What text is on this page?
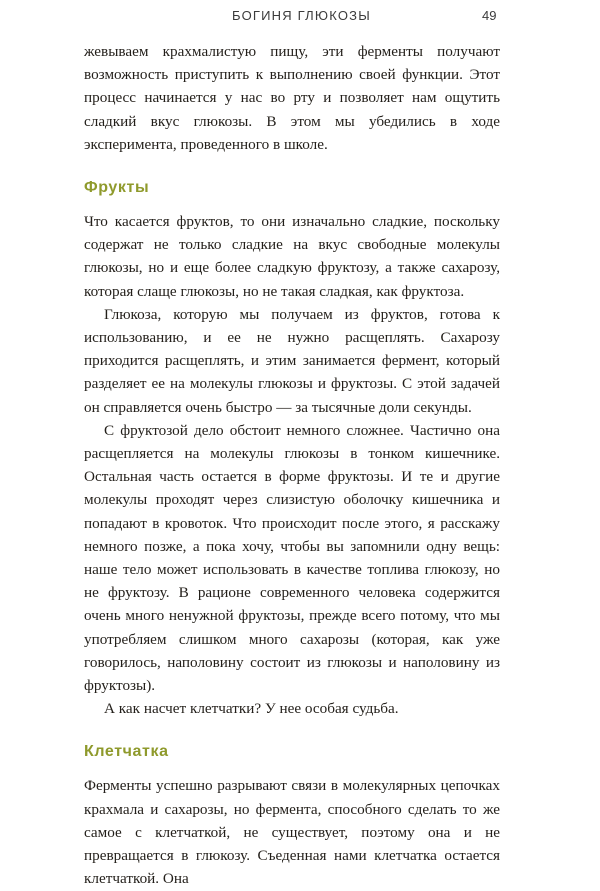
БОГИНЯ ГЛЮКОЗЫ	49

жевываем крахмалистую пищу, эти ферменты получают возможность приступить к выполнению своей функции. Этот процесс начинается у нас во рту и позволяет нам ощутить сладкий вкус глюкозы. В этом мы убедились в ходе эксперимента, проведенного в школе.

Фрукты

Что касается фруктов, то они изначально сладкие, поскольку содержат не только сладкие на вкус свободные молекулы глюкозы, но и еще более сладкую фруктозу, а также сахарозу, которая слаще глюкозы, но не такая сладкая, как фруктоза.

Глюкоза, которую мы получаем из фруктов, готова к использованию, и ее не нужно расщеплять. Сахарозу приходится расщеплять, и этим занимается фермент, который разделяет ее на молекулы глюкозы и фруктозы. С этой задачей он справляется очень быстро — за тысячные доли секунды.

С фруктозой дело обстоит немного сложнее. Частично она расщепляется на молекулы глюкозы в тонком кишечнике. Остальная часть остается в форме фруктозы. И те и другие молекулы проходят через слизистую оболочку кишечника и попадают в кровоток. Что происходит после этого, я расскажу немного позже, а пока хочу, чтобы вы запомнили одну вещь: наше тело может использовать в качестве топлива глюкозу, но не фруктозу. В рационе современного человека содержится очень много ненужной фруктозы, прежде всего потому, что мы употребляем слишком много сахарозы (которая, как уже говорилось, наполовину состоит из глюкозы и наполовину из фруктозы).

А как насчет клетчатки? У нее особая судьба.

Клетчатка

Ферменты успешно разрывают связи в молекулярных цепочках крахмала и сахарозы, но фермента, способного сделать то же самое с клетчаткой, не существует, поэтому она и не превращается в глюкозу. Съеденная нами клетчатка остается клетчаткой. Она
